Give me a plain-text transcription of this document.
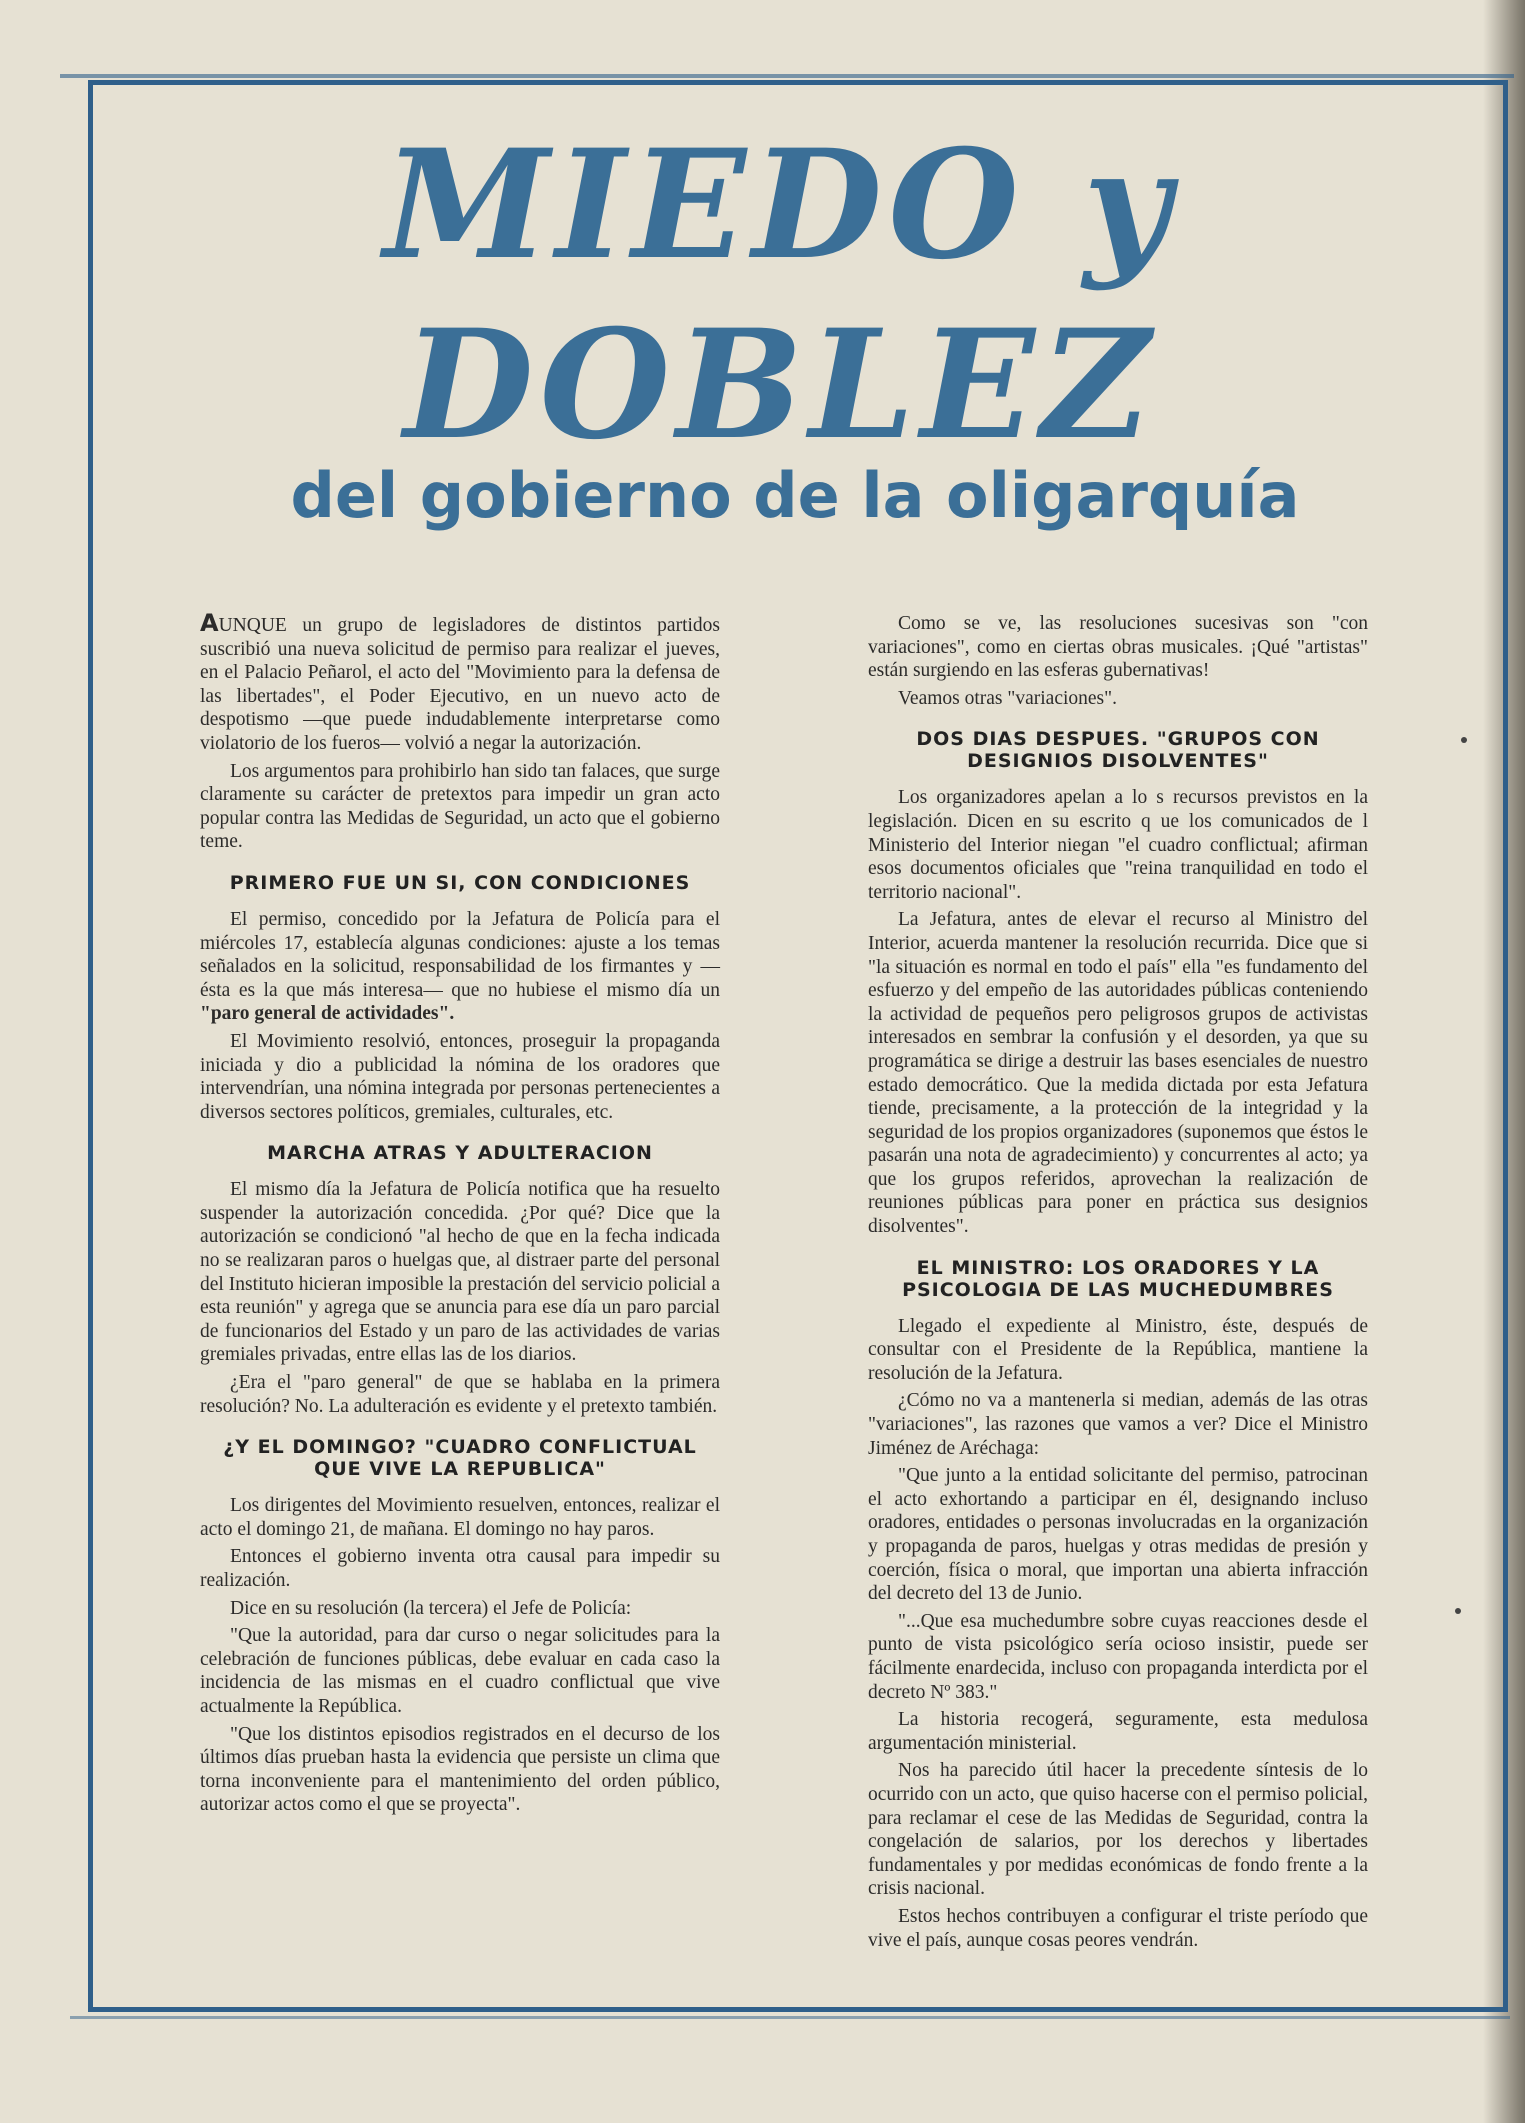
MIEDO y
DOBLEZ
del gobierno de la oligarquía

AUNQUE un grupo de legisladores de distintos partidos suscribió una nueva solicitud de permiso para realizar el jueves, en el Palacio Peñarol, el acto del "Movimiento para la defensa de las libertades", el Poder Ejecutivo, en un nuevo acto de despotismo —que puede indudablemente interpretarse como violatorio de los fueros— volvió a negar la autorización.

Los argumentos para prohibirlo han sido tan falaces, que surge claramente su carácter de pretextos para impedir un gran acto popular contra las Medidas de Seguridad, un acto que el gobierno teme.

PRIMERO FUE UN SI, CON CONDICIONES

El permiso, concedido por la Jefatura de Policía para el miércoles 17, establecía algunas condiciones: ajuste a los temas señalados en la solicitud, responsabilidad de los firmantes y —ésta es la que más interesa— que no hubiese el mismo día un "paro general de actividades".

El Movimiento resolvió, entonces, proseguir la propaganda iniciada y dio a publicidad la nómina de los oradores que intervendrían, una nómina integrada por personas pertenecientes a diversos sectores políticos, gremiales, culturales, etc.

MARCHA ATRAS Y ADULTERACION

El mismo día la Jefatura de Policía notifica que ha resuelto suspender la autorización concedida. ¿Por qué? Dice que la autorización se condicionó "al hecho de que en la fecha indicada no se realizaran paros o huelgas que, al distraer parte del personal del Instituto hicieran imposible la prestación del servicio policial a esta reunión" y agrega que se anuncia para ese día un paro parcial de funcionarios del Estado y un paro de las actividades de varias gremiales privadas, entre ellas las de los diarios.

¿Era el "paro general" de que se hablaba en la primera resolución? No. La adulteración es evidente y el pretexto también.

¿Y EL DOMINGO? "CUADRO CONFLICTUAL QUE VIVE LA REPUBLICA"

Los dirigentes del Movimiento resuelven, entonces, realizar el acto el domingo 21, de mañana. El domingo no hay paros.

Entonces el gobierno inventa otra causal para impedir su realización.

Dice en su resolución (la tercera) el Jefe de Policía:

"Que la autoridad, para dar curso o negar solicitudes para la celebración de funciones públicas, debe evaluar en cada caso la incidencia de las mismas en el cuadro conflictual que vive actualmente la República.

"Que los distintos episodios registrados en el decurso de los últimos días prueban hasta la evidencia que persiste un clima que torna inconveniente para el mantenimiento del orden público, autorizar actos como el que se proyecta".

Como se ve, las resoluciones sucesivas son "con variaciones", como en ciertas obras musicales. ¡Qué "artistas" están surgiendo en las esferas gubernativas!

Veamos otras "variaciones".

DOS DIAS DESPUES. "GRUPOS CON DESIGNIOS DISOLVENTES"

Los organizadores apelan a lo s recursos previstos en la legislación. Dicen en su escrito q ue los comunicados de l Ministerio del Interior niegan "el cuadro conflictual; afirman esos documentos oficiales que "reina tranquilidad en todo el territorio nacional".

La Jefatura, antes de elevar el recurso al Ministro del Interior, acuerda mantener la resolución recurrida. Dice que si "la situación es normal en todo el país" ella "es fundamento del esfuerzo y del empeño de las autoridades públicas conteniendo la actividad de pequeños pero peligrosos grupos de activistas interesados en sembrar la confusión y el desorden, ya que su programática se dirige a destruir las bases esenciales de nuestro estado democrático. Que la medida dictada por esta Jefatura tiende, precisamente, a la protección de la integridad y la seguridad de los propios organizadores (suponemos que éstos le pasarán una nota de agradecimiento) y concurrentes al acto; ya que los grupos referidos, aprovechan la realización de reuniones públicas para poner en práctica sus designios disolventes".

EL MINISTRO: LOS ORADORES Y LA PSICOLOGIA DE LAS MUCHEDUMBRES

Llegado el expediente al Ministro, éste, después de consultar con el Presidente de la República, mantiene la resolución de la Jefatura.

¿Cómo no va a mantenerla si median, además de las otras "variaciones", las razones que vamos a ver? Dice el Ministro Jiménez de Aréchaga:

"Que junto a la entidad solicitante del permiso, patrocinan el acto exhortando a participar en él, designando incluso oradores, entidades o personas involucradas en la organización y propaganda de paros, huelgas y otras medidas de presión y coerción, física o moral, que importan una abierta infracción del decreto del 13 de Junio.

"...Que esa muchedumbre sobre cuyas reacciones desde el punto de vista psicológico sería ocioso insistir, puede ser fácilmente enardecida, incluso con propaganda interdicta por el decreto Nº 383."

La historia recogerá, seguramente, esta medulosa argumentación ministerial.

Nos ha parecido útil hacer la precedente síntesis de lo ocurrido con un acto, que quiso hacerse con el permiso policial, para reclamar el cese de las Medidas de Seguridad, contra la congelación de salarios, por los derechos y libertades fundamentales y por medidas económicas de fondo frente a la crisis nacional.

Estos hechos contribuyen a configurar el triste período que vive el país, aunque cosas peores vendrán.
